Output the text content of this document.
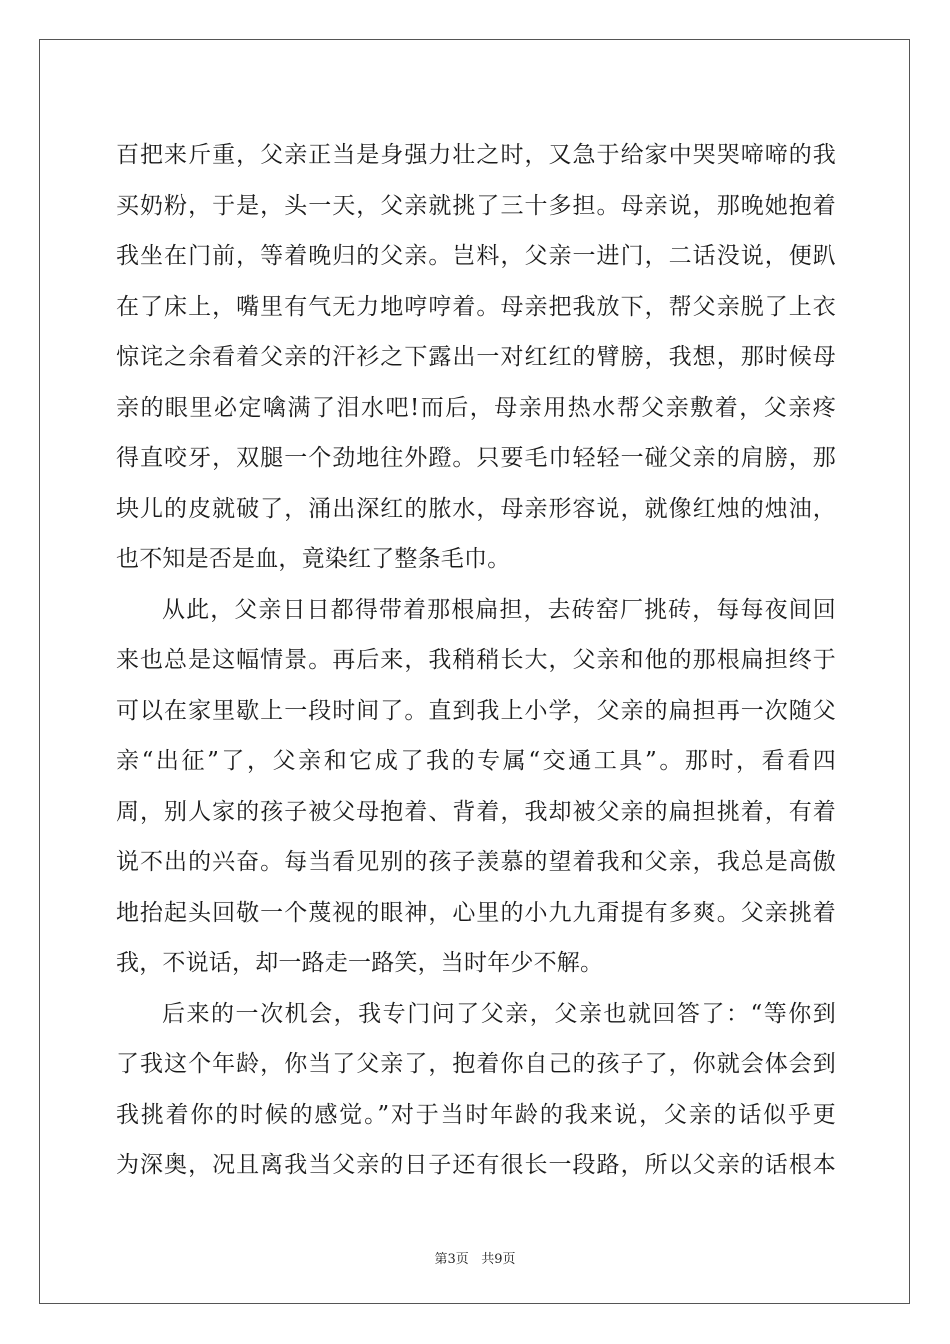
百把来斤重，父亲正当是身强力壮之时，又急于给家中哭哭啼啼的我
买奶粉，于是，头一天，父亲就挑了三十多担。母亲说，那晚她抱着
我坐在门前，等着晚归的父亲。岂料，父亲一进门，二话没说，便趴
在了床上，嘴里有气无力地哼哼着。母亲把我放下，帮父亲脱了上衣
惊诧之余看着父亲的汗衫之下露出一对红红的臂膀，我想，那时候母
亲的眼里必定噙满了泪水吧!而后，母亲用热水帮父亲敷着，父亲疼
得直咬牙，双腿一个劲地往外蹬。只要毛巾轻轻一碰父亲的肩膀，那
块儿的皮就破了，涌出深红的脓水，母亲形容说，就像红烛的烛油，
也不知是否是血，竟染红了整条毛巾。
从此，父亲日日都得带着那根扁担，去砖窑厂挑砖，每每夜间回
来也总是这幅情景。再后来，我稍稍长大，父亲和他的那根扁担终于
可以在家里歇上一段时间了。直到我上小学，父亲的扁担再一次随父
亲“出征”了，父亲和它成了我的专属“交通工具”。那时，看看四
周，别人家的孩子被父母抱着、背着，我却被父亲的扁担挑着，有着
说不出的兴奋。每当看见别的孩子羡慕的望着我和父亲，我总是高傲
地抬起头回敬一个蔑视的眼神，心里的小九九甭提有多爽。父亲挑着
我，不说话，却一路走一路笑，当时年少不解。
后来的一次机会，我专门问了父亲，父亲也就回答了：“等你到
了我这个年龄，你当了父亲了，抱着你自己的孩子了，你就会体会到
我挑着你的时候的感觉。”对于当时年龄的我来说，父亲的话似乎更
为深奥，况且离我当父亲的日子还有很长一段路，所以父亲的话根本
第3页 共9页
